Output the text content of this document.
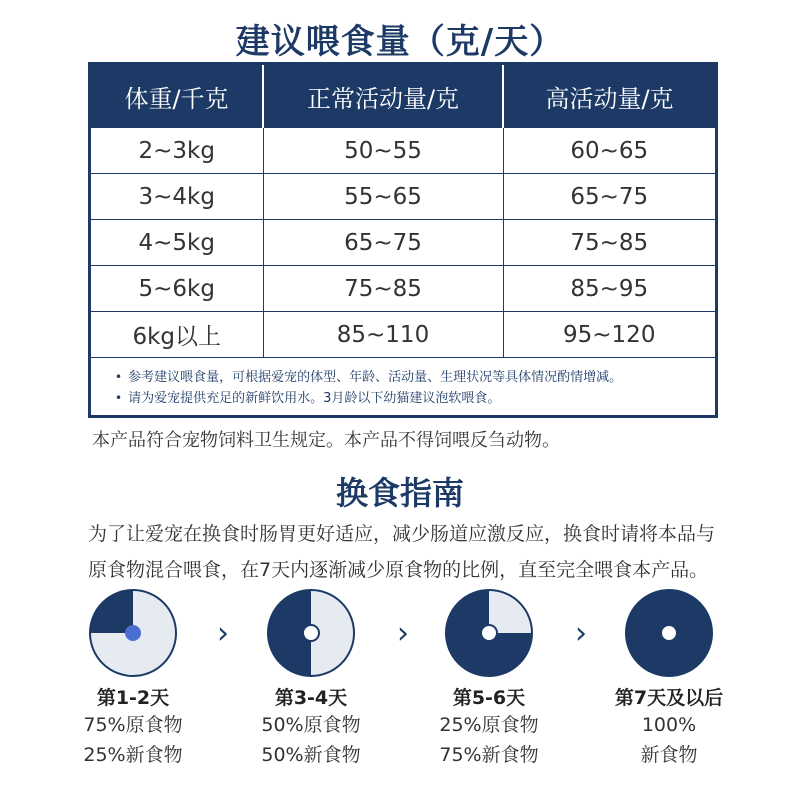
建议喂食量（克/天）
体重/千克	正常活动量/克	高活动量/克
2~3kg	50~55	60~65
3~4kg	55~65	65~75
4~5kg	65~75	75~85
5~6kg	75~85	85~95
6kg以上	85~110	95~120
• 参考建议喂食量，可根据爱宠的体型、年龄、活动量、生理状况等具体情况酌情增减。
• 请为爱宠提供充足的新鲜饮用水。3月龄以下幼猫建议泡软喂食。
本产品符合宠物饲料卫生规定。本产品不得饲喂反刍动物。
换食指南
为了让爱宠在换食时肠胃更好适应，减少肠道应激反应，换食时请将本品与
原食物混合喂食，在7天内逐渐减少原食物的比例，直至完全喂食本产品。
第1-2天
75%原食物
25%新食物
›
第3-4天
50%原食物
50%新食物
›
第5-6天
25%原食物
75%新食物
›
第7天及以后
100%
新食物
